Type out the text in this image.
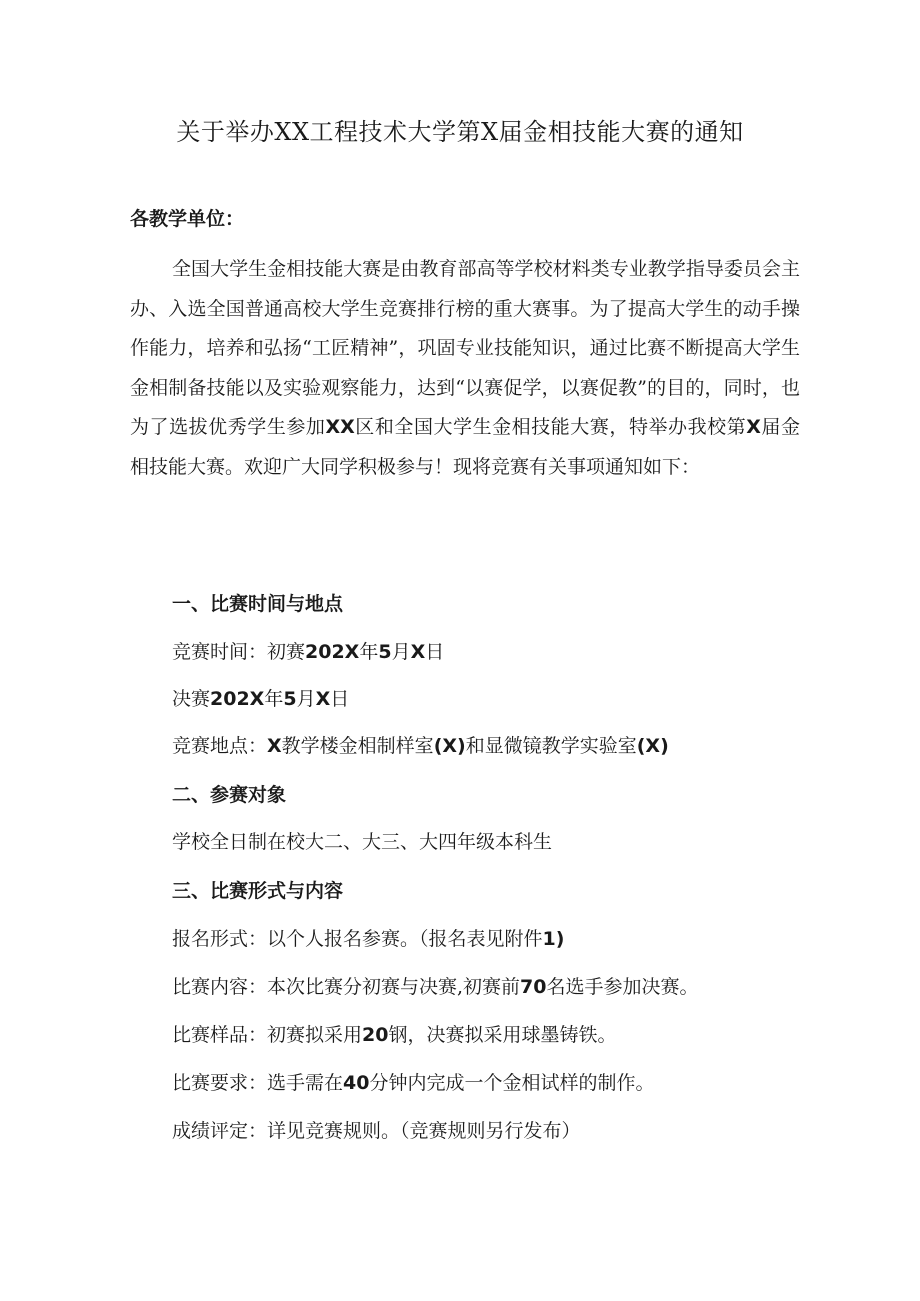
关于举办XX工程技术大学第X届金相技能大赛的通知
各教学单位：
全国大学生金相技能大赛是由教育部高等学校材料类专业教学指导委员会主办、入选全国普通高校大学生竞赛排行榜的重大赛事。为了提高大学生的动手操作能力，培养和弘扬“工匠精神”，巩固专业技能知识，通过比赛不断提高大学生金相制备技能以及实验观察能力，达到“以赛促学，以赛促教”的目的，同时，也为了选拔优秀学生参加XX区和全国大学生金相技能大赛，特举办我校第X届金相技能大赛。欢迎广大同学积极参与！现将竞赛有关事项通知如下：
一、比赛时间与地点
竞赛时间：初赛202X年5月X日
决赛202X年5月X日
竞赛地点：X教学楼金相制样室(X)和显微镜教学实验室(X)
二、参赛对象
学校全日制在校大二、大三、大四年级本科生
三、比赛形式与内容
报名形式：以个人报名参赛。（报名表见附件1)
比赛内容：本次比赛分初赛与决赛,初赛前70名选手参加决赛。
比赛样品：初赛拟采用20钢，决赛拟采用球墨铸铁。
比赛要求：选手需在40分钟内完成一个金相试样的制作。
成绩评定：详见竞赛规则。（竞赛规则另行发布）
